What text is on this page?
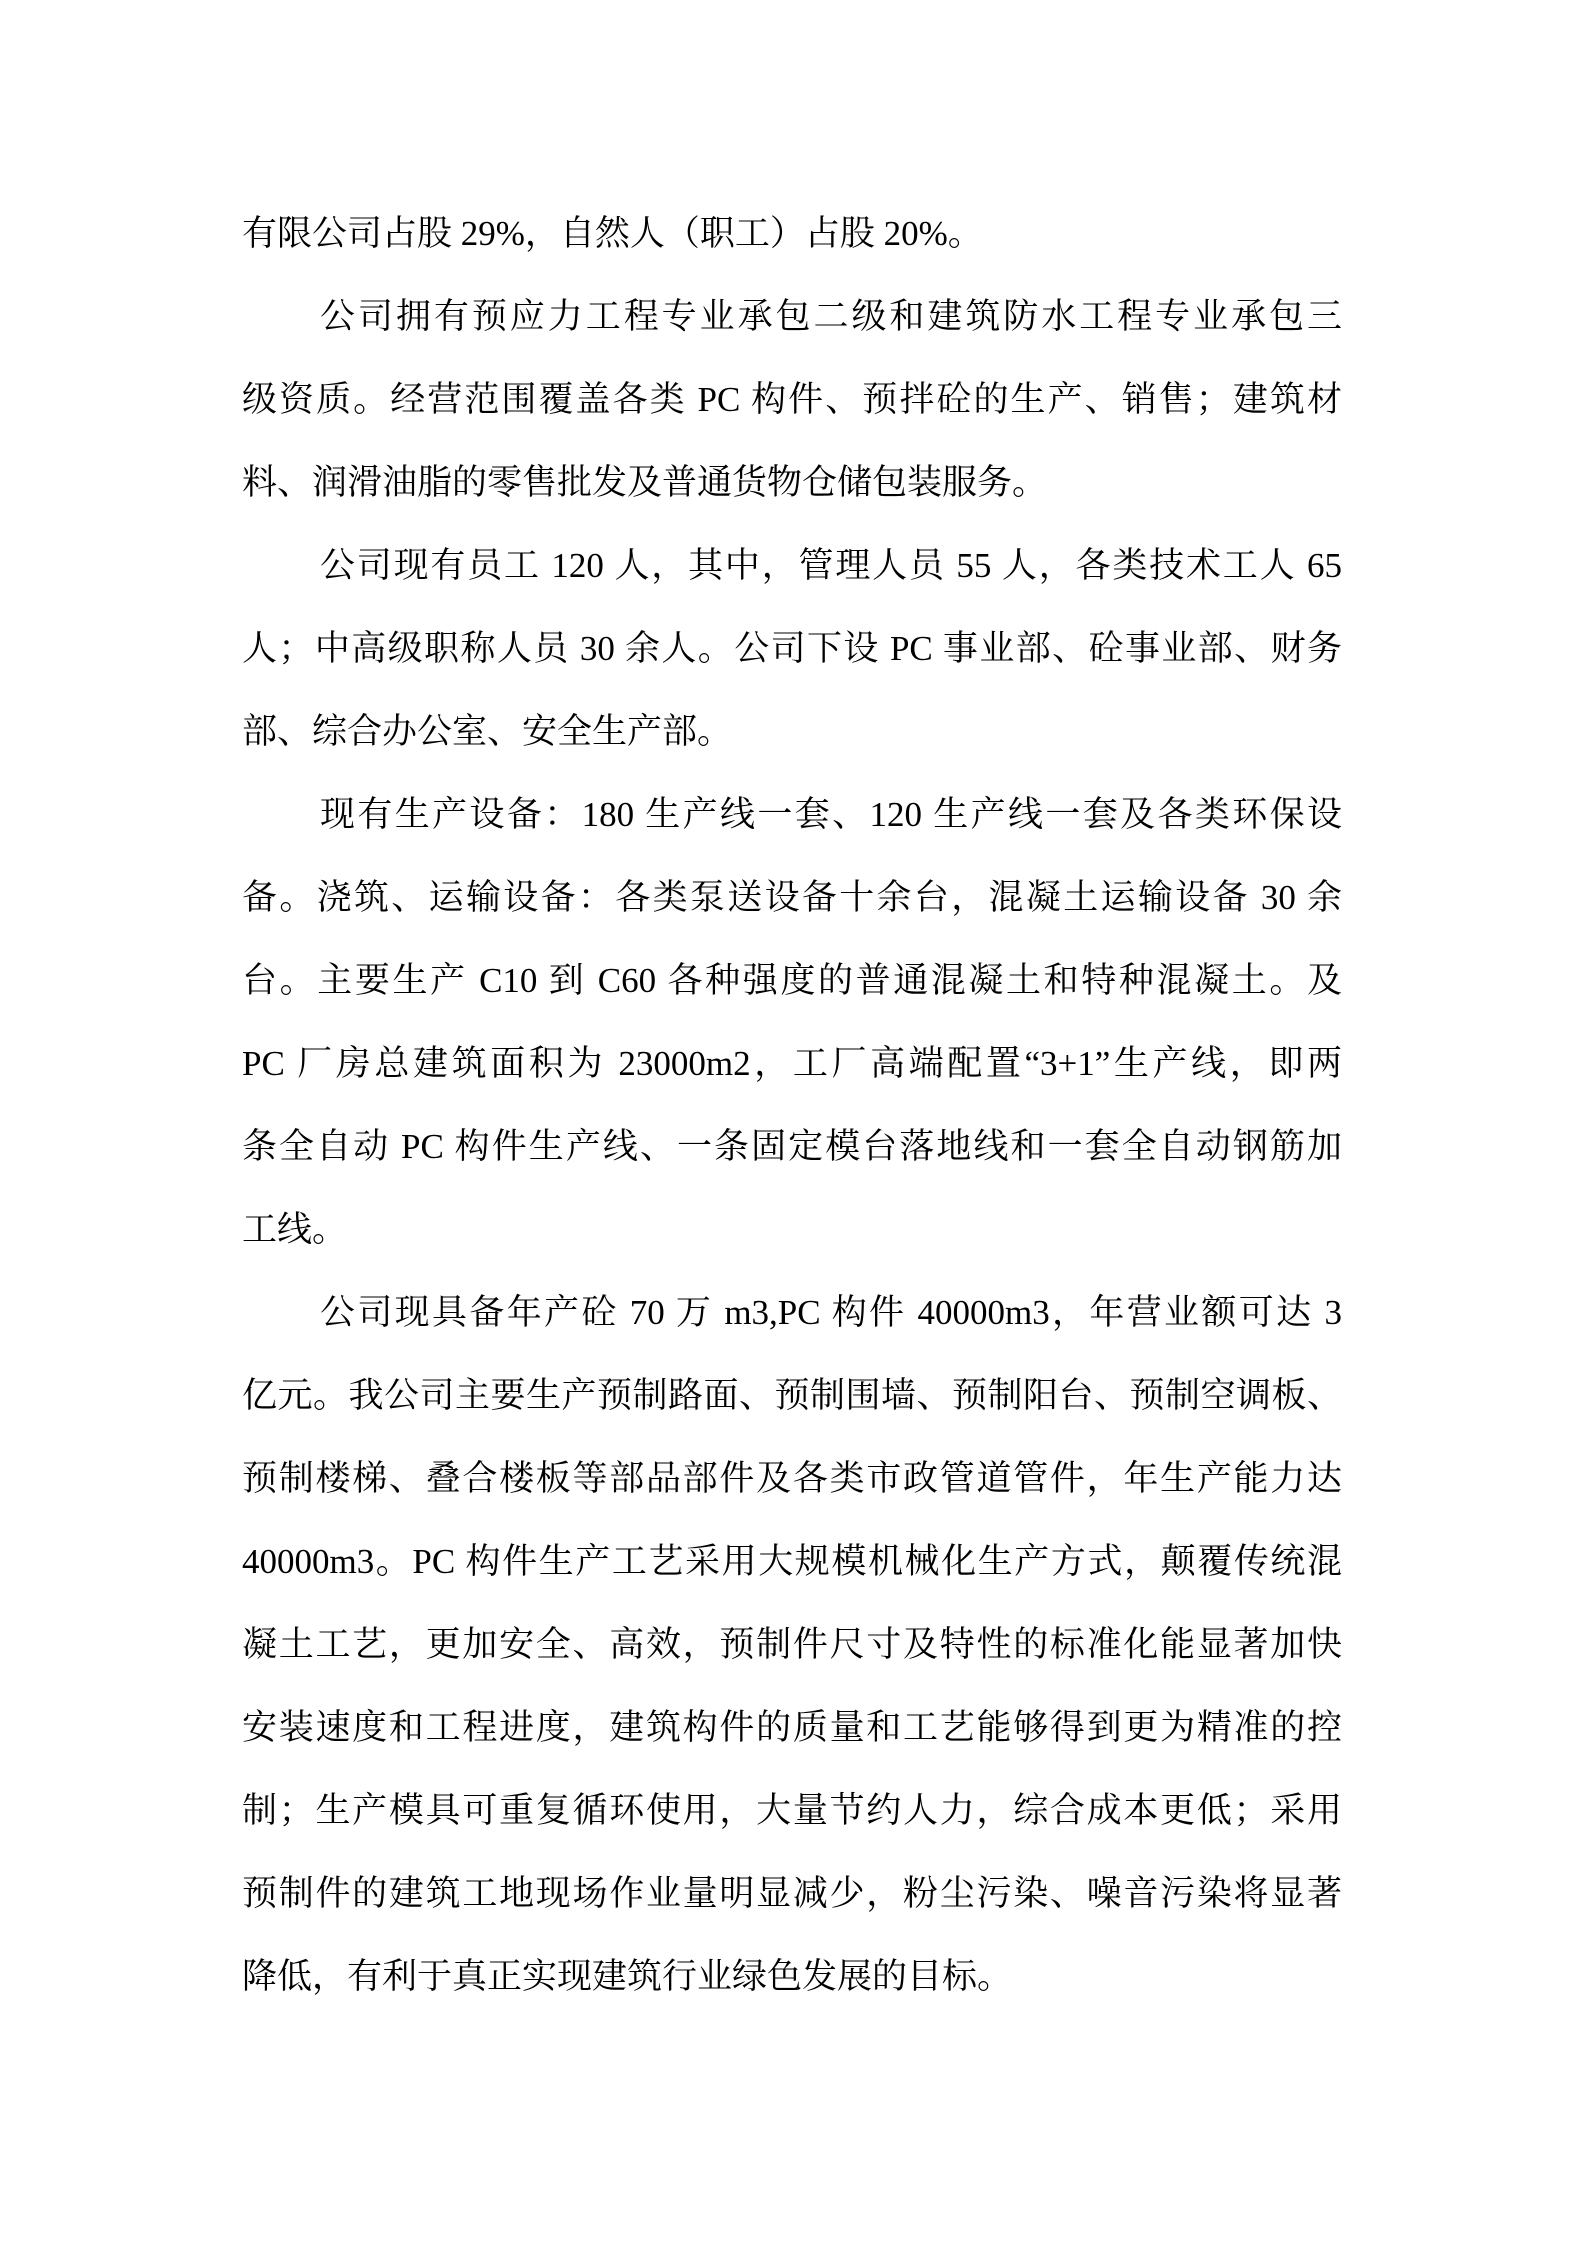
有限公司占股 29%，自然人（职工）占股 20%。
公司拥有预应力工程专业承包二级和建筑防水工程专业承包三
级资质。经营范围覆盖各类 PC 构件、预拌砼的生产、销售；建筑材
料、润滑油脂的零售批发及普通货物仓储包装服务。
公司现有员工 120 人，其中，管理人员 55 人，各类技术工人 65
人；中高级职称人员 30 余人。公司下设 PC 事业部、砼事业部、财务
部、综合办公室、安全生产部。
现有生产设备：180 生产线一套、120 生产线一套及各类环保设
备。浇筑、运输设备：各类泵送设备十余台，混凝土运输设备 30 余
台。主要生产 C10 到 C60 各种强度的普通混凝土和特种混凝土。及
PC 厂房总建筑面积为 23000m2，工厂高端配置“3+1”生产线，即两
条全自动 PC 构件生产线、一条固定模台落地线和一套全自动钢筋加
工线。
公司现具备年产砼 70 万 m3,PC 构件 40000m3，年营业额可达 3
亿元。我公司主要生产预制路面、预制围墙、预制阳台、预制空调板、
预制楼梯、叠合楼板等部品部件及各类市政管道管件，年生产能力达
40000m3。PC 构件生产工艺采用大规模机械化生产方式，颠覆传统混
凝土工艺，更加安全、高效，预制件尺寸及特性的标准化能显著加快
安装速度和工程进度，建筑构件的质量和工艺能够得到更为精准的控
制；生产模具可重复循环使用，大量节约人力，综合成本更低；采用
预制件的建筑工地现场作业量明显减少，粉尘污染、噪音污染将显著
降低，有利于真正实现建筑行业绿色发展的目标。
